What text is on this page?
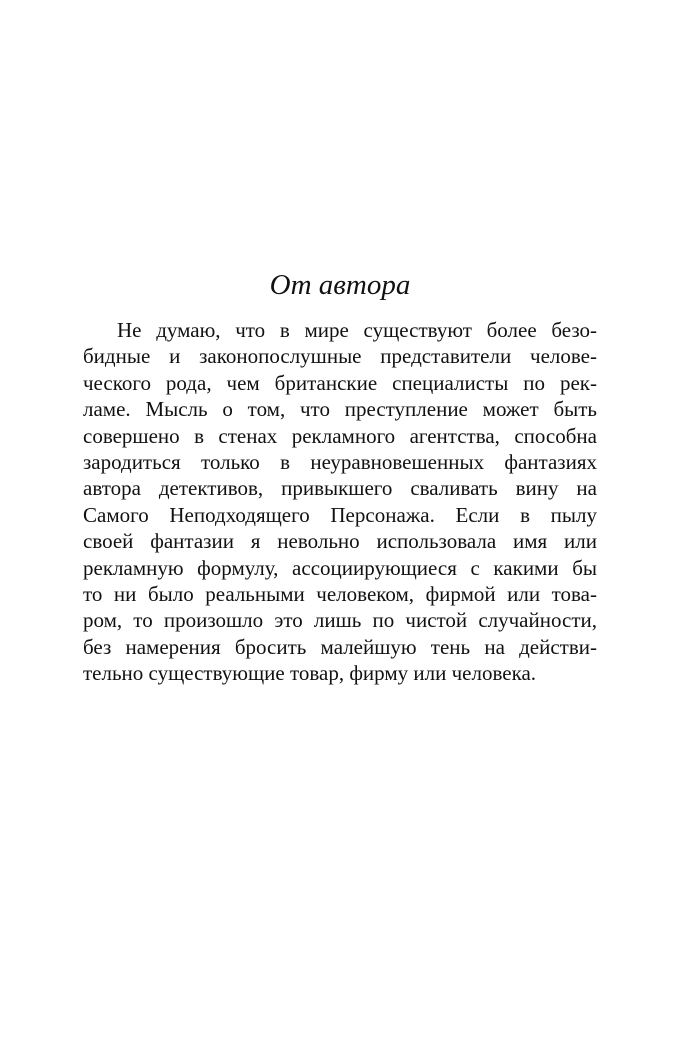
От автора
Не думаю, что в мире существуют более безо-
бидные и законопослушные представители челове-
ческого рода, чем британские специалисты по рек-
ламе. Мысль о том, что преступление может быть
совершено в стенах рекламного агентства, способна
зародиться только в неуравновешенных фантазиях
автора детективов, привыкшего сваливать вину на
Самого Неподходящего Персонажа. Если в пылу
своей фантазии я невольно использовала имя или
рекламную формулу, ассоциирующиеся с какими бы
то ни было реальными человеком, фирмой или това-
ром, то произошло это лишь по чистой случайности,
без намерения бросить малейшую тень на действи-
тельно существующие товар, фирму или человека.
